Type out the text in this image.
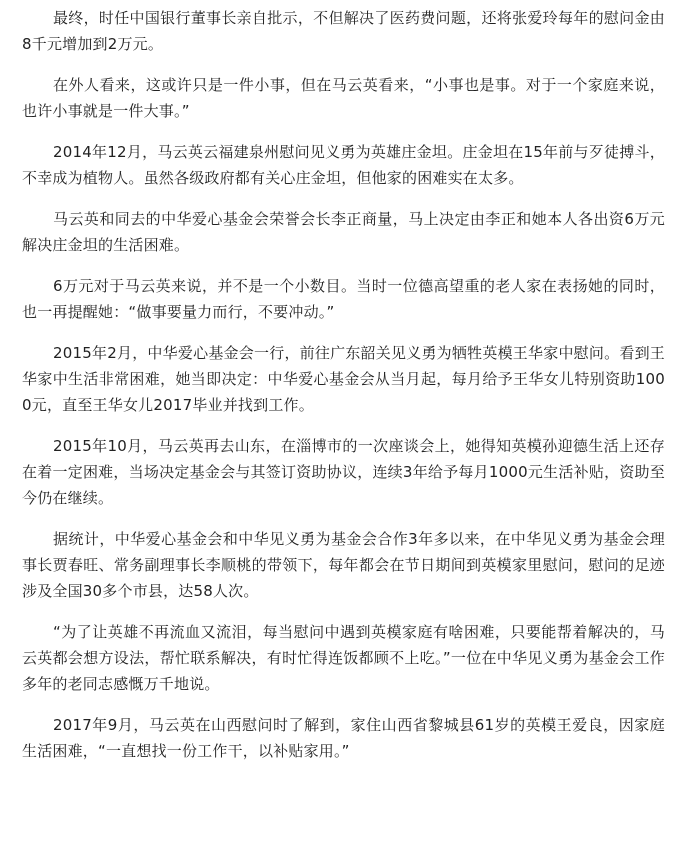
最终，时任中国银行董事长亲自批示，不但解决了医药费问题，还将张爱玲每年的慰问金由8千元增加到2万元。

在外人看来，这或许只是一件小事，但在马云英看来，“小事也是事。对于一个家庭来说，也许小事就是一件大事。”

2014年12月，马云英云福建泉州慰问见义勇为英雄庄金坦。庄金坦在15年前与歹徒搏斗，不幸成为植物人。虽然各级政府都有关心庄金坦，但他家的困难实在太多。

马云英和同去的中华爱心基金会荣誉会长李正商量，马上决定由李正和她本人各出资6万元解决庄金坦的生活困难。

6万元对于马云英来说，并不是一个小数目。当时一位德高望重的老人家在表扬她的同时，也一再提醒她：“做事要量力而行，不要冲动。”

2015年2月，中华爱心基金会一行，前往广东韶关见义勇为牺牲英模王华家中慰问。看到王华家中生活非常困难，她当即决定：中华爱心基金会从当月起，每月给予王华女儿特别资助1000元，直至王华女儿2017毕业并找到工作。

2015年10月，马云英再去山东，在淄博市的一次座谈会上，她得知英模孙迎德生活上还存在着一定困难，当场决定基金会与其签订资助协议，连续3年给予每月1000元生活补贴，资助至今仍在继续。

据统计，中华爱心基金会和中华见义勇为基金会合作3年多以来，在中华见义勇为基金会理事长贾春旺、常务副理事长李顺桃的带领下，每年都会在节日期间到英模家里慰问，慰问的足迹涉及全国30多个市县，达58人次。

“为了让英雄不再流血又流泪，每当慰问中遇到英模家庭有啥困难，只要能帮着解决的，马云英都会想方设法，帮忙联系解决，有时忙得连饭都顾不上吃。”一位在中华见义勇为基金会工作多年的老同志感慨万千地说。

2017年9月，马云英在山西慰问时了解到，家住山西省黎城县61岁的英模王爱良，因家庭生活困难，“一直想找一份工作干，以补贴家用。”
